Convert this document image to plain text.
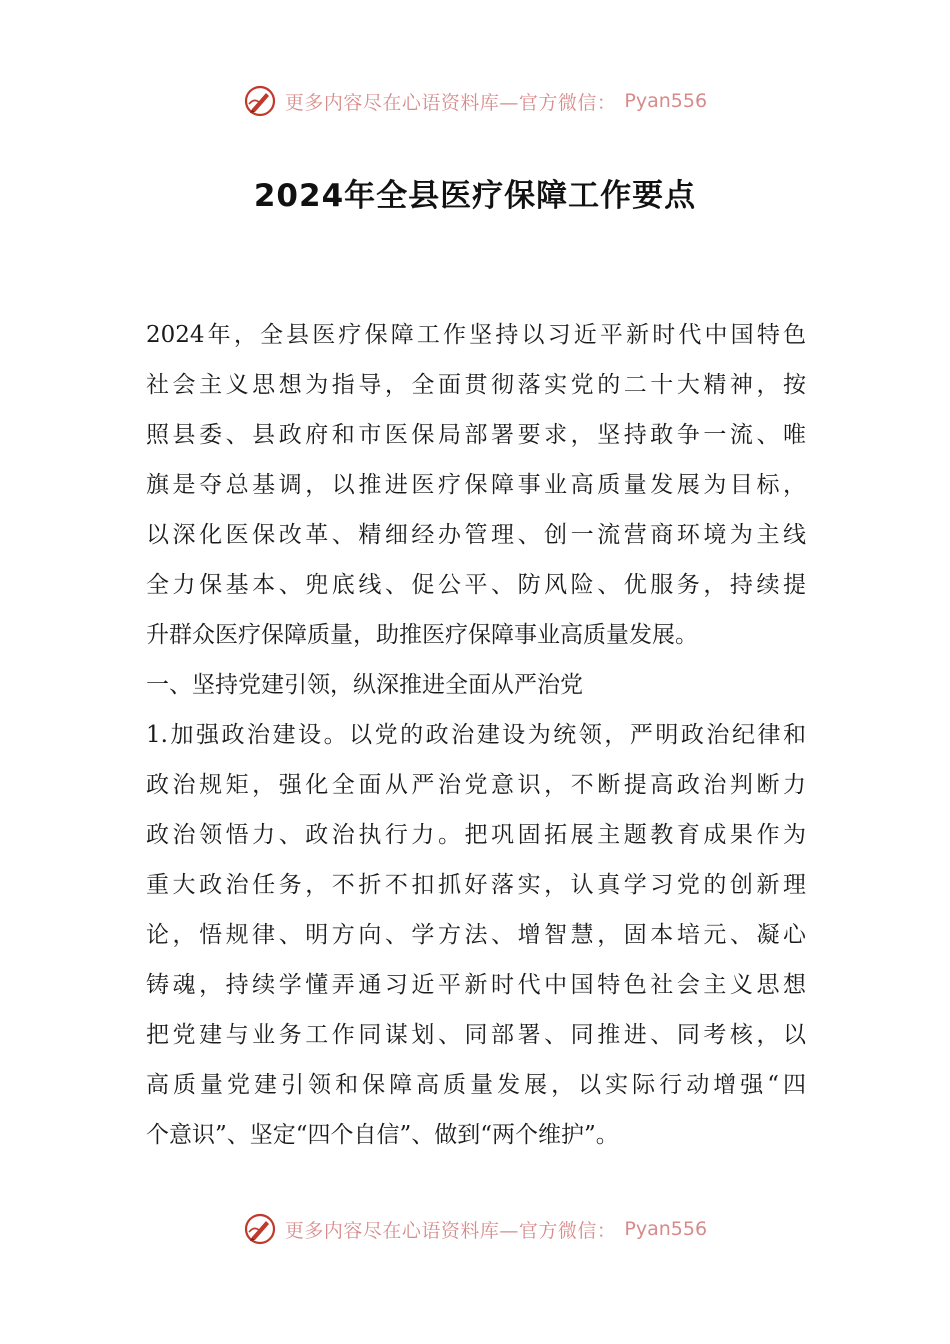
更多内容尽在心语资料库—官方微信： Pyan556
2024年全县医疗保障工作要点
2024年，全县医疗保障工作坚持以习近平新时代中国特色
社会主义思想为指导，全面贯彻落实党的二十大精神，按
照县委、县政府和市医保局部署要求，坚持敢争一流、唯
旗是夺总基调，以推进医疗保障事业高质量发展为目标，
以深化医保改革、精细经办管理、创一流营商环境为主线
全力保基本、兜底线、促公平、防风险、优服务，持续提
升群众医疗保障质量，助推医疗保障事业高质量发展。
一、坚持党建引领，纵深推进全面从严治党
1.加强政治建设。以党的政治建设为统领，严明政治纪律和
政治规矩，强化全面从严治党意识，不断提高政治判断力
政治领悟力、政治执行力。把巩固拓展主题教育成果作为
重大政治任务，不折不扣抓好落实，认真学习党的创新理
论，悟规律、明方向、学方法、增智慧，固本培元、凝心
铸魂，持续学懂弄通习近平新时代中国特色社会主义思想
把党建与业务工作同谋划、同部署、同推进、同考核，以
高质量党建引领和保障高质量发展，以实际行动增强“四
个意识”、坚定“四个自信”、做到“两个维护”。
更多内容尽在心语资料库—官方微信： Pyan556
